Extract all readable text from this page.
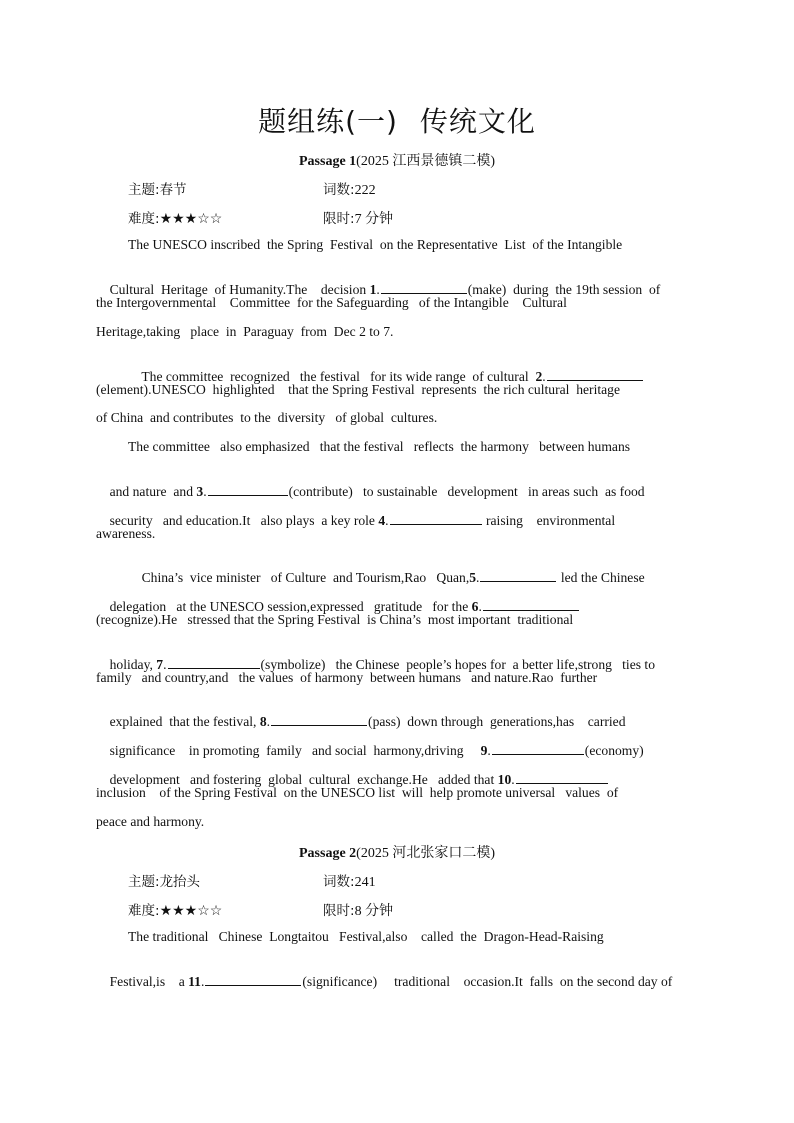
题组练(一) 传统文化
Passage 1(2025 江西景德镇二模)
主题:春节	词数:222
难度:★★★☆☆	限时:7 分钟
The UNESCO inscribed  the Spring  Festival  on the Representative  List  of the Intangible

Cultural  Heritage  of Humanity.The    decision 1.	(make)  during  the 19th session  of

the Intergovernmental    Committee  for the Safeguarding   of the Intangible    Cultural
Heritage,taking   place  in  Paraguay  from  Dec 2 to 7.

The committee  recognized   the festival   for its wide range  of cultural 2.

(element).UNESCO  highlighted    that the Spring Festival  represents  the rich cultural  heritage
of China  and contributes  to the  diversity   of global  cultures.
The committee   also emphasized   that the festival   reflects  the harmony   between humans

and nature  and 3.	(contribute)   to sustainable   development   in areas such  as food

security   and education.It   also plays  a key role 4.	raising    environmental

awareness.

China’s  vice minister   of Culture  and Tourism,Rao   Quan,5.	led the Chinese

delegation   at the UNESCO session,expressed   gratitude   for the 6.

(recognize).He   stressed that the Spring Festival  is China’s  most important  traditional

holiday, 7.	(symbolize)   the Chinese  people’s hopes for  a better life,strong   ties to

family   and country,and   the values  of harmony  between humans   and nature.Rao  further

explained  that the festival, 8.	(pass)  down through  generations,has    carried

significance    in promoting  family   and social  harmony,driving 9.	(economy)

development   and fostering  global  cultural  exchange.He   added that 10.

inclusion    of the Spring Festival  on the UNESCO list  will  help promote universal   values  of
peace and harmony.
Passage 2(2025 河北张家口二模)
主题:龙抬头	词数:241
难度:★★★☆☆	限时:8 分钟
The traditional   Chinese  Longtaitou   Festival,also    called  the  Dragon-Head-Raising

Festival,is    a 11.	(significance)     traditional    occasion.It  falls  on the second day of
